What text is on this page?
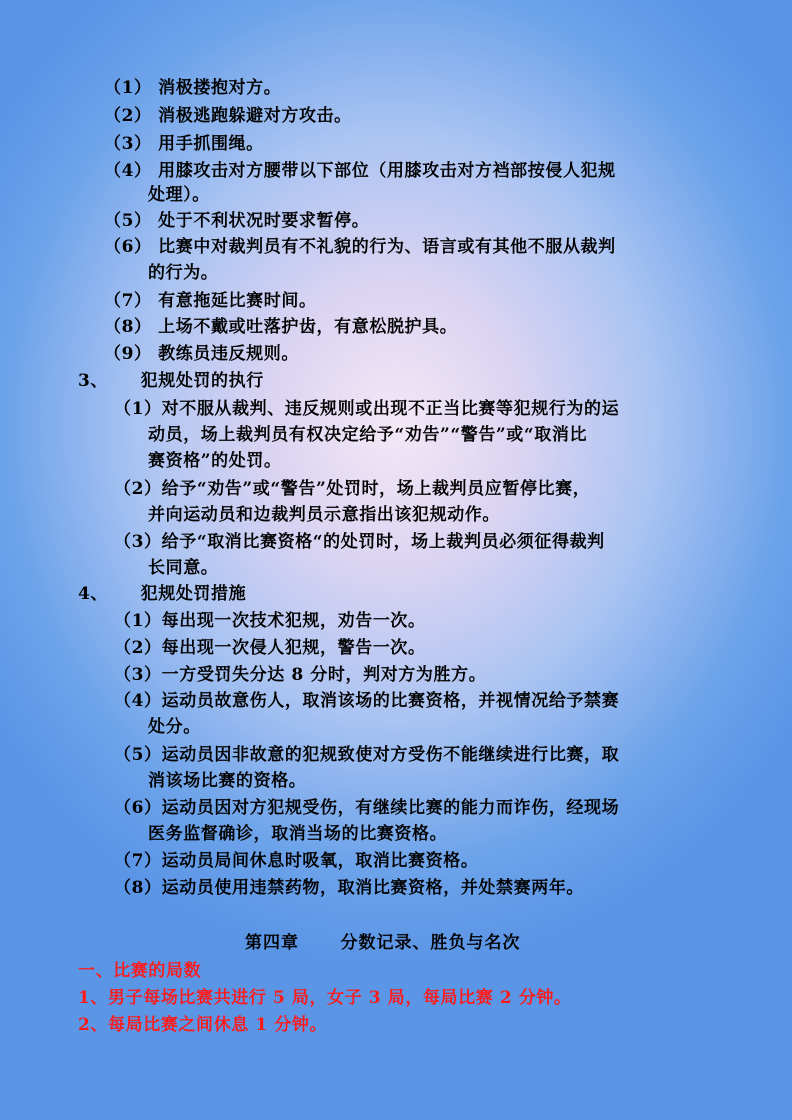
（1） 消极搂抱对方。
（2） 消极逃跑躲避对方攻击。
（3） 用手抓围绳。
（4） 用膝攻击对方腰带以下部位（用膝攻击对方裆部按侵人犯规
处理）。
（5） 处于不利状况时要求暂停。
（6） 比赛中对裁判员有不礼貌的行为、语言或有其他不服从裁判
的行为。
（7） 有意拖延比赛时间。
（8） 上场不戴或吐落护齿，有意松脱护具。
（9） 教练员违反规则。
3、     犯规处罚的执行
（1）对不服从裁判、违反规则或出现不正当比赛等犯规行为的运
动员，场上裁判员有权决定给予“劝告”“警告”或“取消比
赛资格”的处罚。
（2）给予“劝告”或“警告”处罚时，场上裁判员应暂停比赛，
并向运动员和边裁判员示意指出该犯规动作。
（3）给予“取消比赛资格“的处罚时，场上裁判员必须征得裁判
长同意。
4、     犯规处罚措施
（1）每出现一次技术犯规，劝告一次。
（2）每出现一次侵人犯规，警告一次。
（3）一方受罚失分达 8 分时，判对方为胜方。
（4）运动员故意伤人，取消该场的比赛资格，并视情况给予禁赛
处分。
（5）运动员因非故意的犯规致使对方受伤不能继续进行比赛，取
消该场比赛的资格。
（6）运动员因对方犯规受伤，有继续比赛的能力而诈伤，经现场
医务监督确诊，取消当场的比赛资格。
（7）运动员局间休息时吸氧，取消比赛资格。
（8）运动员使用违禁药物，取消比赛资格，并处禁赛两年。
第四章      分数记录、胜负与名次
一、比赛的局数
1、男子每场比赛共进行 5 局，女子 3 局，每局比赛 2 分钟。
2、每局比赛之间休息 1 分钟。
